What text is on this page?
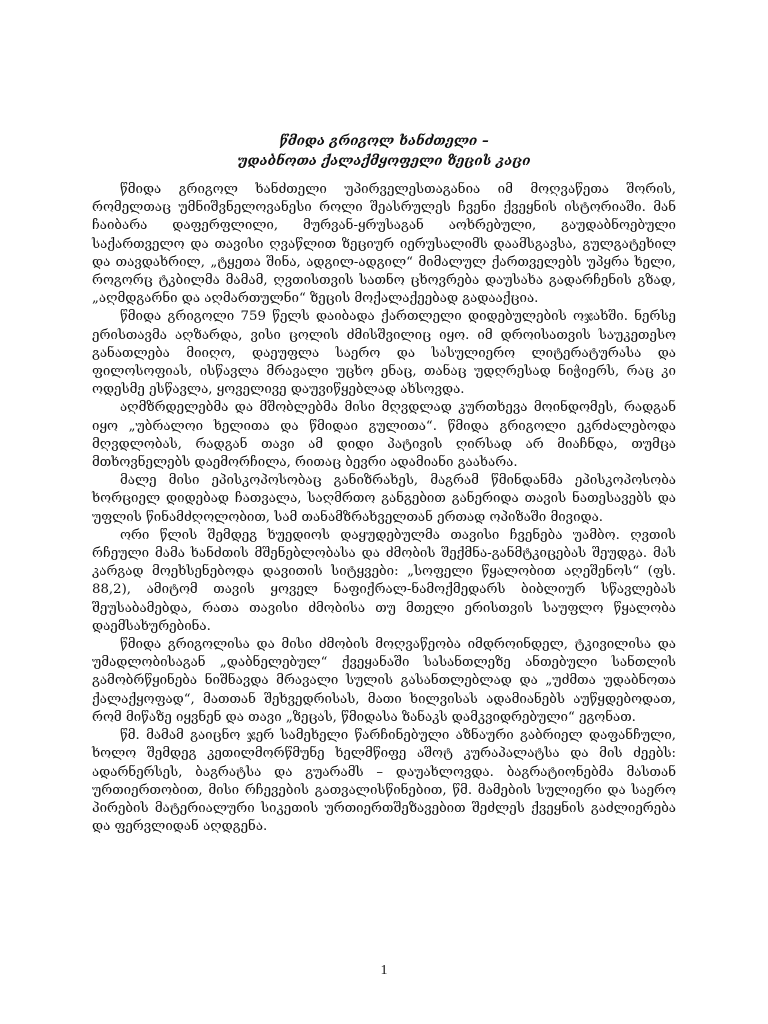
წმიდა გრიგოლ ხანძთელი –
უდაბნოთა ქალაქმყოფელი ზეცის კაცი

წმიდა გრიგოლ ხანძთელი უპირველესთაგანია იმ მოღვაწეთა შორის, რომელთაც უმნიშვნელოვანესი როლი შეასრულეს ჩვენი ქვეყნის ისტორიაში. მან ჩაიბარა დაფერფლილი, მურვან-ყრუსაგან აოხრებული, გაუდაბნოებული საქართველო და თავისი ღვაწლით ზეციურ იერუსალიმს დაამსგავსა, გულგატეხილ და თავდახრილ, „ტყეთა შინა, ადგილ-ადგილ“ მიმალულ ქართველებს უპყრა ხელი, როგორც ტკბილმა მამამ, ღვთისთვის სათნო ცხოვრება დაუსახა გადარჩენის გზად, „აღმდგარნი და აღმართულნი“ ზეცის მოქალაქეებად გადააქცია.

წმიდა გრიგოლი 759 წელს დაიბადა ქართლელი დიდებულების ოჯახში. ნერსე ერისთავმა აღზარდა, ვისი ცოლის ძმისშვილიც იყო. იმ დროისათვის საუკეთესო განათლება მიიღო, დაეუფლა საერო და სასულიერო ლიტერატურასა და ფილოსოფიას, ისწავლა მრავალი უცხო ენაც, თანაც უდღრესად ნიჭიერს, რაც კი ოდესმე ესწავლა, ყოველივე დაუვიწყებლად ახსოვდა.

აღმზრდელებმა და მშობლებმა მისი მღვდლად კურთხევა მოინდომეს, რადგან იყო „უბრალოი ხელითა და წმიდაი გულითა“. წმიდა გრიგოლი ეკრძალებოდა მღვდლობას, რადგან თავი ამ დიდი პატივის ღირსად არ მიაჩნდა, თუმცა მთხოვნელებს დაემორჩილა, რითაც ბევრი ადამიანი გაახარა.

მალე მისი ეპისკოპოსობაც განიზრახეს, მაგრამ წმინდანმა ეპისკოპოსობა ხორციელ დიდებად ჩათვალა, საღმრთო განგებით განერიდა თავის ნათესავებს და უფლის წინამძღოლობით, სამ თანამზრახველთან ერთად ოპიზაში მივიდა.

ორი წლის შემდეგ ხუედიოს დაყუდებულმა თავისი ჩვენება უამბო. ღვთის რჩეული მამა ხანძთის მშენებლობასა და ძმობის შექმნა-განმტკიცებას შეუდგა. მას კარგად მოეხსენებოდა დავითის სიტყვები: „სოფელი წყალობით აღეშენოს“ (ფს. 88,2), ამიტომ თავის ყოველ ნაფიქრალ-ნამოქმედარს ბიბლიურ სწავლებას შეუსაბამებდა, რათა თავისი ძმობისა თუ მთელი ერისთვის საუფლო წყალობა დაემსახურებინა.

წმიდა გრიგოლისა და მისი ძმობის მოღვაწეობა იმდროინდელ, ტკივილისა და უმადლობისაგან „დაბნელებულ“ ქვეყანაში სასანთლეზე ანთებული სანთლის გამობრწყინება ნიშნავდა მრავალი სულის გასანთლებლად და „უძმთა უდაბნოთა ქალაქყოფად“, მათთან შეხვედრისას, მათი ხილვისას ადამიანებს აუწყდებოდათ, რომ მიწაზე იყვნენ და თავი „ზეცას, წმიდასა ზანაკს დამკვიდრებული“ ეგონათ.

წმ. მამამ გაიცნო ჯერ სამეხელი წარჩინებული აზნაური გაბრიელ დაფანჩული, ხოლო შემდეგ კეთილმორწმუნე ხელმწიფე აშოტ კურაპალატსა და მის ძეებს: ადარნერსეს, ბაგრატსა და გუარამს – დაუახლოვდა. ბაგრატიონებმა მასთან ურთიერთობით, მისი რჩევების გათვალისწინებით, წმ. მამების სულიერი და საერო პირების მატერიალური სიკეთის ურთიერთშეზავებით შეძლეს ქვეყნის გაძლიერება და ფერვლიდან აღდგენა.

1
